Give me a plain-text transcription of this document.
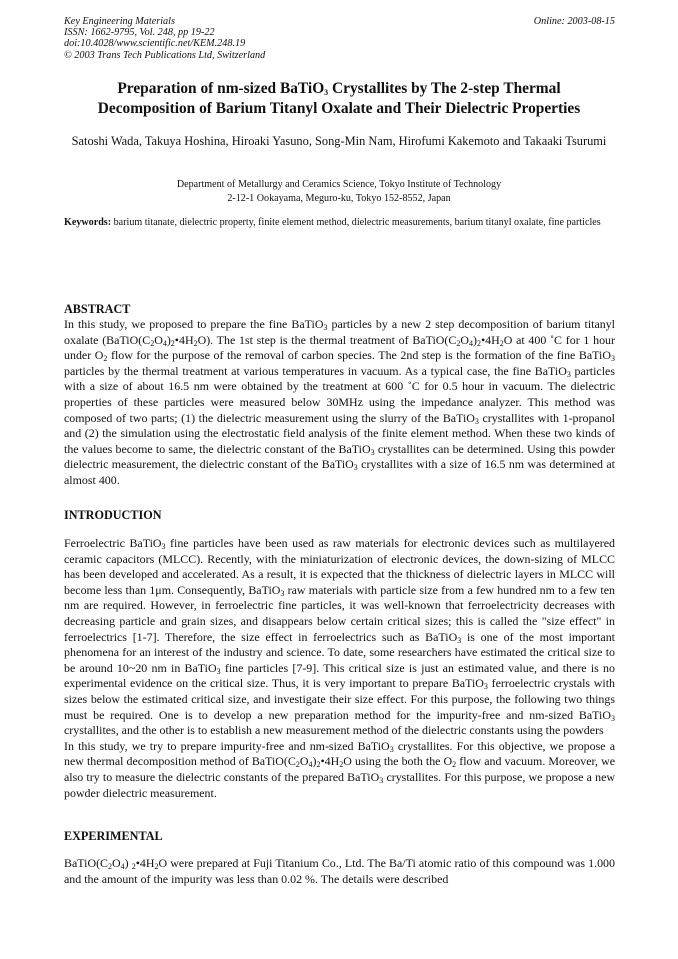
Key Engineering Materials
ISSN: 1662-9795, Vol. 248, pp 19-22
doi:10.4028/www.scientific.net/KEM.248.19
© 2003 Trans Tech Publications Ltd, Switzerland
Online: 2003-08-15
Preparation of nm-sized BaTiO$_3$ Crystallites by The 2-step Thermal
Decomposition of Barium Titanyl Oxalate and Their Dielectric Properties
Satoshi Wada, Takuya Hoshina, Hiroaki Yasuno, Song-Min Nam, Hirofumi Kakemoto and Takaaki Tsurumi
Department of Metallurgy and Ceramics Science, Tokyo Institute of Technology
2-12-1 Ookayama, Meguro-ku, Tokyo 152-8552, Japan
Keywords: barium titanate, dielectric property, finite element method, dielectric measurements, barium titanyl oxalate, fine particles
ABSTRACT

In this study, we proposed to prepare the fine BaTiO$_3$ particles by a new 2 step decomposition of barium titanyl oxalate $(BaTiO(C_2O_4)_2•4H_2O)$. The 1st step is the thermal treatment of $BaTiO(C_2O_4)_2•4H_2O$ at 400 ˚C for 1 hour under $O_2$ flow for the purpose of the removal of carbon species. The 2nd step is the formation of the fine BaTiO$_3$ particles by the thermal treatment at various temperatures in vacuum. As a typical case, the fine BaTiO$_3$ particles with a size of about 16.5 nm were obtained by the treatment at 600 ˚C for 0.5 hour in vacuum. The dielectric properties of these particles were measured below 30MHz using the impedance analyzer. This method was composed of two parts; (1) the dielectric measurement using the slurry of the BaTiO$_3$ crystallites with 1-propanol and (2) the simulation using the electrostatic field analysis of the finite element method. When these two kinds of the values become to same, the dielectric constant of the BaTiO$_3$ crystallites can be determined. Using this powder dielectric measurement, the dielectric constant of the BaTiO$_3$ crystallites with a size of 16.5 nm was determined at almost 400.

INTRODUCTION

Ferroelectric BaTiO$_3$ fine particles have been used as raw materials for electronic devices such as multilayered ceramic capacitors (MLCC). Recently, with the miniaturization of electronic devices, the down-sizing of MLCC has been developed and accelerated. As a result, it is expected that the thickness of dielectric layers in MLCC will become less than 1μm. Consequently, BaTiO$_3$ raw materials with particle size from a few hundred nm to a few ten nm are required. However, in ferroelectric fine particles, it was well-known that ferroelectricity decreases with decreasing particle and grain sizes, and disappears below certain critical sizes; this is called the "size effect" in ferroelectrics [1-7]. Therefore, the size effect in ferroelectrics such as BaTiO$_3$ is one of the most important phenomena for an interest of the industry and science. To date, some researchers have estimated the critical size to be around 10~20 nm in BaTiO$_3$ fine particles [7-9]. This critical size is just an estimated value, and there is no experimental evidence on the critical size. Thus, it is very important to prepare BaTiO$_3$ ferroelectric crystals with sizes below the estimated critical size, and investigate their size effect. For this purpose, the following two things must be required. One is to develop a new preparation method for the impurity-free and nm-sized BaTiO$_3$ crystallites, and the other is to establish a new measurement method of the dielectric constants using the powders

In this study, we try to prepare impurity-free and nm-sized BaTiO$_3$ crystallites. For this objective, we propose a new thermal decomposition method of $BaTiO(C_2O_4)_2•4H_2O$ using the both the $O_2$ flow and vacuum. Moreover, we also try to measure the dielectric constants of the prepared BaTiO$_3$ crystallites. For this purpose, we propose a new powder dielectric measurement.

EXPERIMENTAL

$BaTiO(C_2O_4)$ $_2•4H_2O$ were prepared at Fuji Titanium Co., Ltd. The Ba/Ti atomic ratio of this compound was 1.000 and the amount of the impurity was less than 0.02 %. The details were described
